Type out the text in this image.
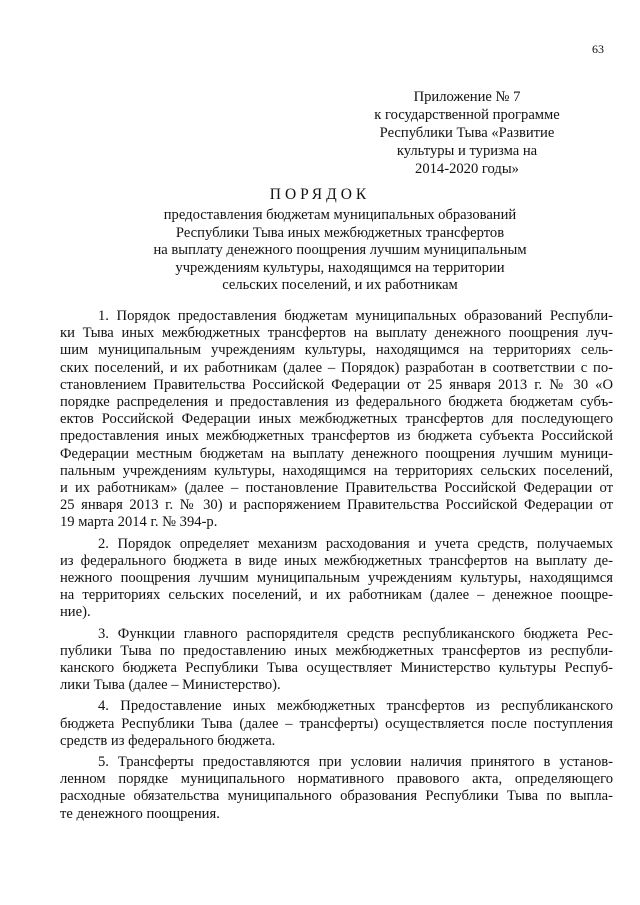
63
Приложение № 7
к государственной программе
Республики Тыва «Развитие
культуры и туризма на
2014-2020 годы»
ПОРЯДОК
предоставления бюджетам муниципальных образований
Республики Тыва иных межбюджетных трансфертов
на выплату денежного поощрения лучшим муниципальным
учреждениям культуры, находящимся на территории
сельских поселений, и их работникам
1. Порядок предоставления бюджетам муниципальных образований Республи-
ки Тыва иных межбюджетных трансфертов на выплату денежного поощрения луч-
шим муниципальным учреждениям культуры, находящимся на территориях сель-
ских поселений, и их работникам (далее – Порядок) разработан в соответствии с по-
становлением Правительства Российской Федерации от 25 января 2013 г. № 30 «О
порядке распределения и предоставления из федерального бюджета бюджетам субъ-
ектов Российской Федерации иных межбюджетных трансфертов для последующего
предоставления иных межбюджетных трансфертов из бюджета субъекта Российской
Федерации местным бюджетам на выплату денежного поощрения лучшим муници-
пальным учреждениям культуры, находящимся на территориях сельских поселений,
и их работникам» (далее – постановление Правительства Российской Федерации от
25 января 2013 г. № 30) и распоряжением Правительства Российской Федерации от
19 марта 2014 г. № 394-р.
2. Порядок определяет механизм расходования и учета средств, получаемых
из федерального бюджета в виде иных межбюджетных трансфертов на выплату де-
нежного поощрения лучшим муниципальным учреждениям культуры, находящимся
на территориях сельских поселений, и их работникам (далее – денежное поощре-
ние).
3. Функции главного распорядителя средств республиканского бюджета Рес-
публики Тыва по предоставлению иных межбюджетных трансфертов из республи-
канского бюджета Республики Тыва осуществляет Министерство культуры Респуб-
лики Тыва (далее – Министерство).
4. Предоставление иных межбюджетных трансфертов из республиканского
бюджета Республики Тыва (далее – трансферты) осуществляется после поступления
средств из федерального бюджета.
5. Трансферты предоставляются при условии наличия принятого в установ-
ленном порядке муниципального нормативного правового акта, определяющего
расходные обязательства муниципального образования Республики Тыва по выпла-
те денежного поощрения.
